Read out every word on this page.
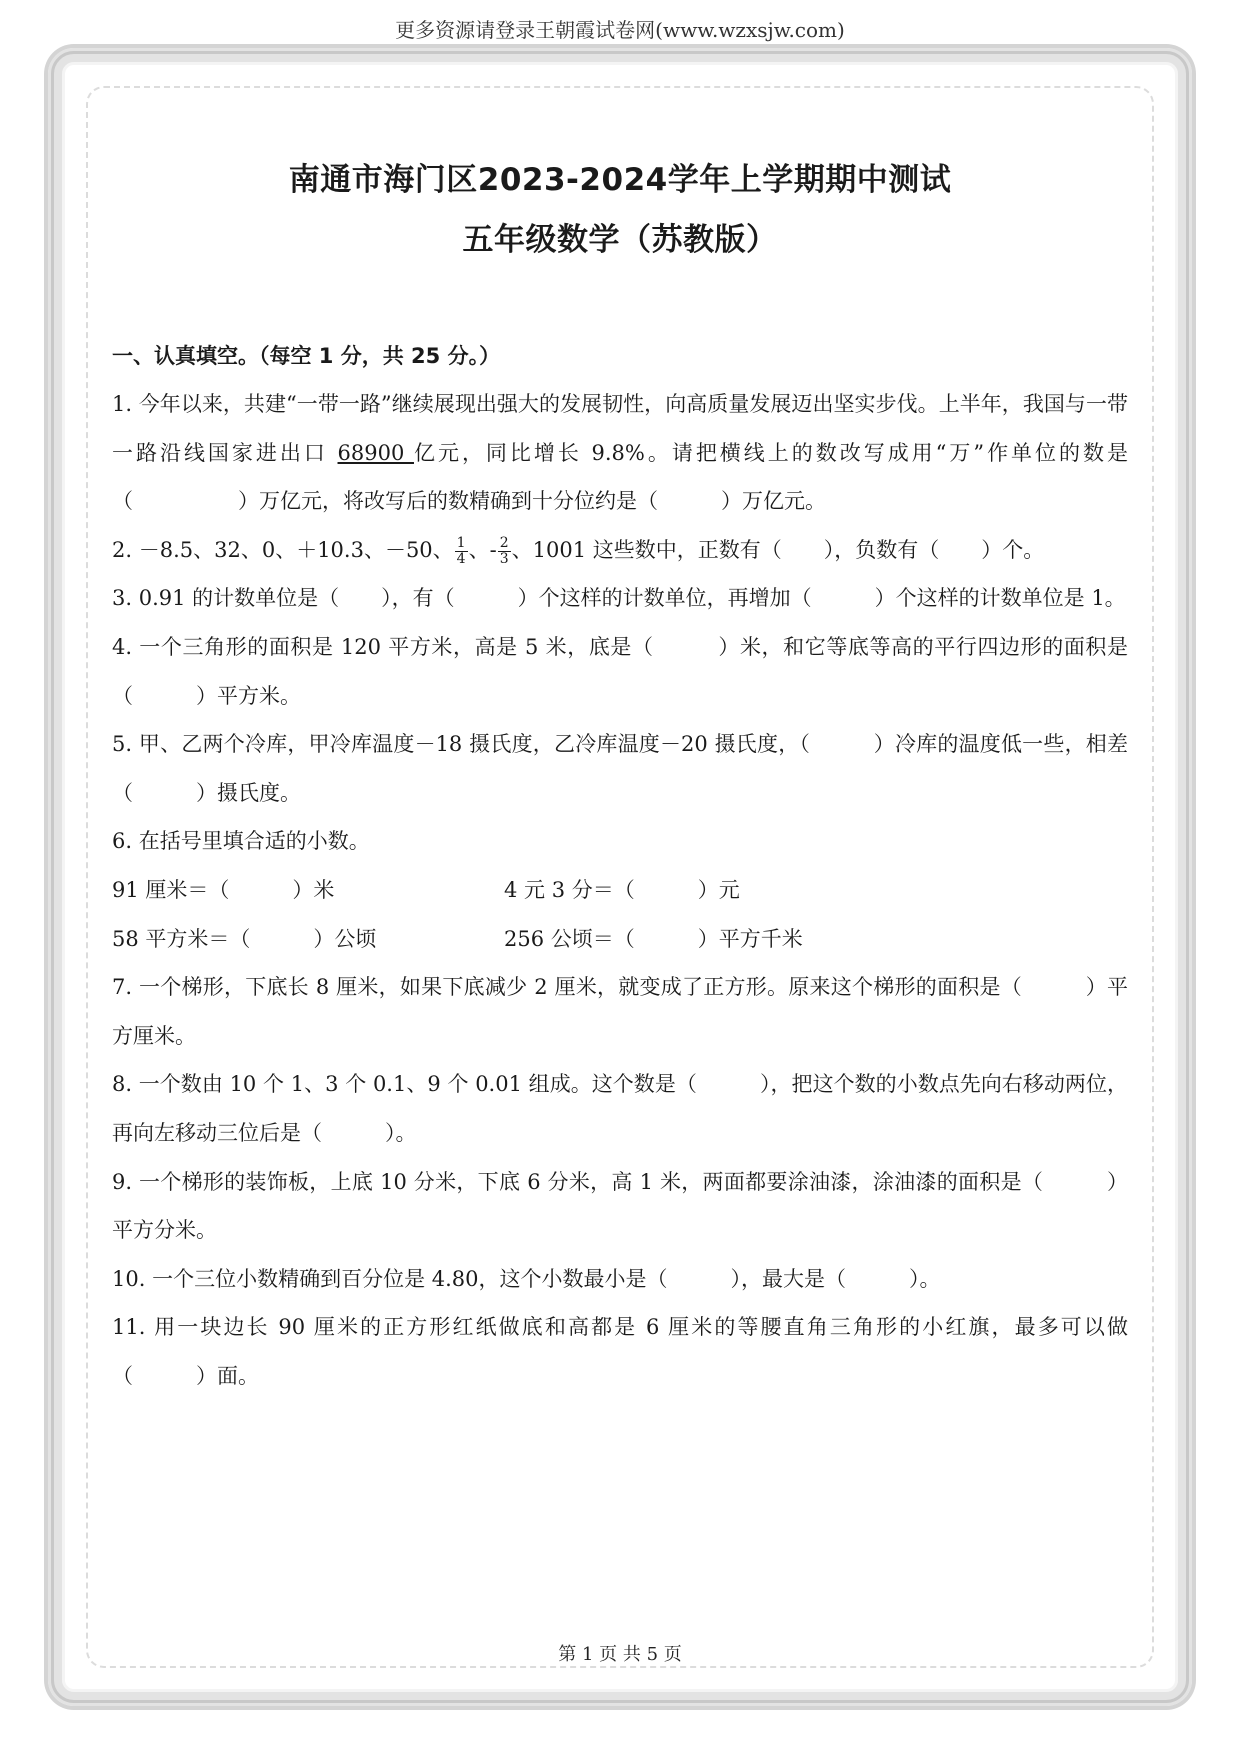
更多资源请登录王朝霞试卷网(www.wzxsjw.com)
南通市海门区2023-2024学年上学期期中测试
五年级数学（苏教版）
一、认真填空。（每空 1 分，共 25 分。）

1. 今年以来，共建“一带一路”继续展现出强大的发展韧性，向高质量发展迈出坚实步伐。上半年，我国与一带一路沿线国家进出口 68900 亿元，同比增长 9.8%。请把横线上的数改写成用“万”作单位的数是（　　　　　）万亿元，将改写后的数精确到十分位约是（　　　）万亿元。

2. －8.5、32、0、＋10.3、－50、 $\frac{1}{4}$ 、- $\frac{2}{3}$ 、1001 这些数中，正数有（　　），负数有（　　）个。

3. 0.91 的计数单位是（　　），有（　　　）个这样的计数单位，再增加（　　　）个这样的计数单位是 1。

4. 一个三角形的面积是 120 平方米，高是 5 米，底是（　　　）米，和它等底等高的平行四边形的面积是（　　　）平方米。

5. 甲、乙两个冷库，甲冷库温度－18 摄氏度，乙冷库温度－20 摄氏度，（　　　）冷库的温度低一些，相差（　　　）摄氏度。

6. 在括号里填合适的小数。

91 厘米＝（　　　）米	4 元 3 分＝（　　　）元
58 平方米＝（　　　）公顷	256 公顷＝（　　　）平方千米

7. 一个梯形，下底长 8 厘米，如果下底减少 2 厘米，就变成了正方形。原来这个梯形的面积是（　　　）平方厘米。

8. 一个数由 10 个 1、3 个 0.1、9 个 0.01 组成。这个数是（　　　），把这个数的小数点先向右移动两位，再向左移动三位后是（　　　）。

9. 一个梯形的装饰板，上底 10 分米，下底 6 分米，高 1 米，两面都要涂油漆，涂油漆的面积是（　　　）平方分米。

10. 一个三位小数精确到百分位是 4.80，这个小数最小是（　　　），最大是（　　　）。

11. 用一块边长 90 厘米的正方形红纸做底和高都是 6 厘米的等腰直角三角形的小红旗，最多可以做（　　　）面。

第 1 页 共 5 页
